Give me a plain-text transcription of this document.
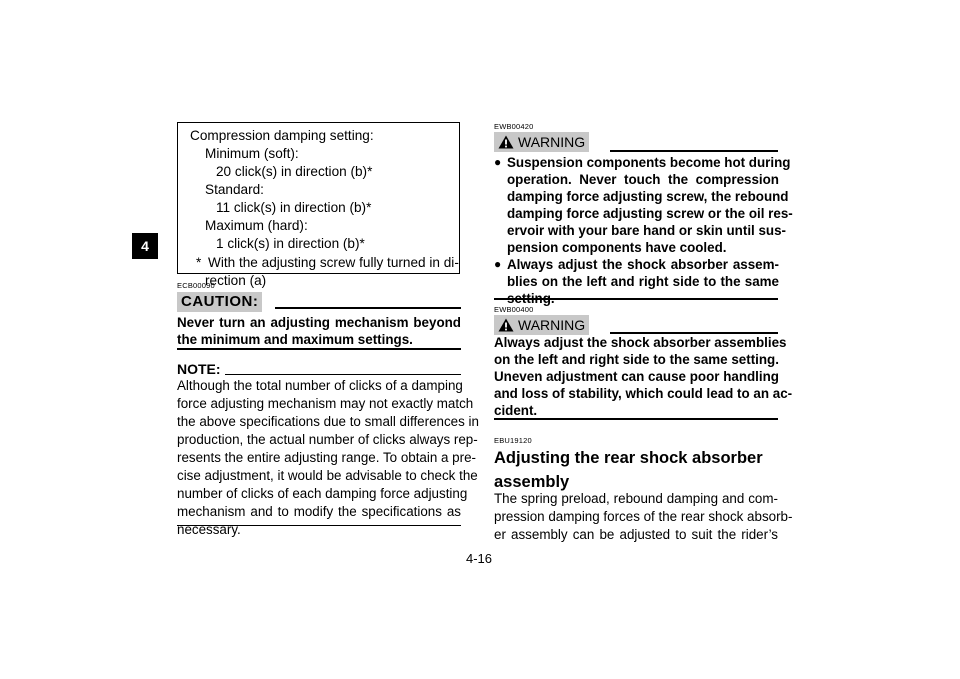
4
Compression damping setting:
Minimum (soft):
20 click(s) in direction (b)*
Standard:
11 click(s) in direction (b)*
Maximum (hard):
1 click(s) in direction (b)*
* With the adjusting screw fully turned in di-
rection (a)
ECB00090
CAUTION:
Never turn an adjusting mechanism beyond
the minimum and maximum settings.
NOTE:
Although the total number of clicks of a damping
force adjusting mechanism may not exactly match
the above specifications due to small differences in
production, the actual number of clicks always rep-
resents the entire adjusting range. To obtain a pre-
cise adjustment, it would be advisable to check the
number of clicks of each damping force adjusting
mechanism and to modify the specifications as
necessary.
EWB00420
WARNING
● Suspension components become hot during
operation. Never touch the compression
damping force adjusting screw, the rebound
damping force adjusting screw or the oil res-
ervoir with your bare hand or skin until sus-
pension components have cooled.
● Always adjust the shock absorber assem-
blies on the left and right side to the same
setting.
EWB00400
WARNING
Always adjust the shock absorber assemblies
on the left and right side to the same setting.
Uneven adjustment can cause poor handling
and loss of stability, which could lead to an ac-
cident.
EBU19120
Adjusting the rear shock absorber
assembly
The spring preload, rebound damping and com-
pression damping forces of the rear shock absorb-
er assembly can be adjusted to suit the rider’s
4-16
